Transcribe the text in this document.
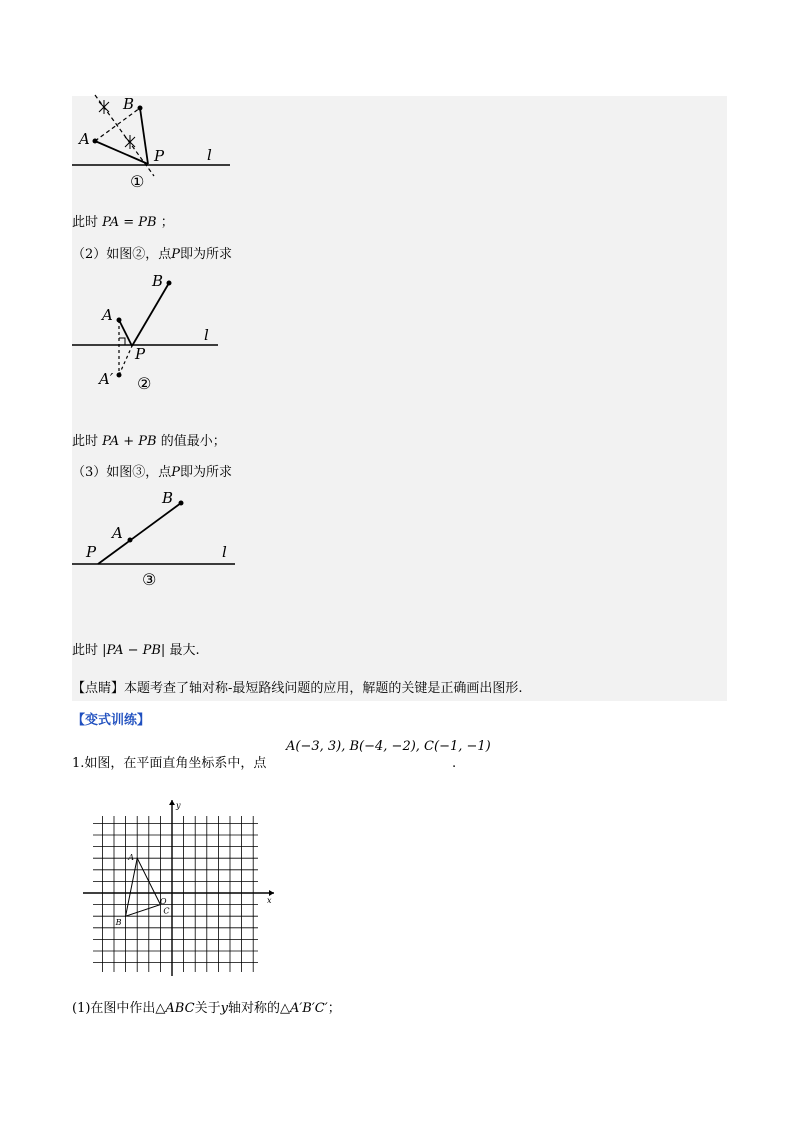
A
B
P	l
①
此时 PA = PB ；
（2）如图②，点P即为所求
A
B
P
l
A′ ②
此时 PA + PB 的值最小；
（3）如图③，点P即为所求
A
B
P	l
③
此时 |PA − PB| 最大.
【点睛】本题考查了轴对称-最短路线问题的应用，解题的关键是正确画出图形.
【变式训练】
1.如图，在平面直角坐标系中，点
A(−3, 3), B(−4, −2), C(−1, −1)
.
x
y
O
A
B
C
(1)在图中作出△ABC关于y轴对称的△A′B′C′；
